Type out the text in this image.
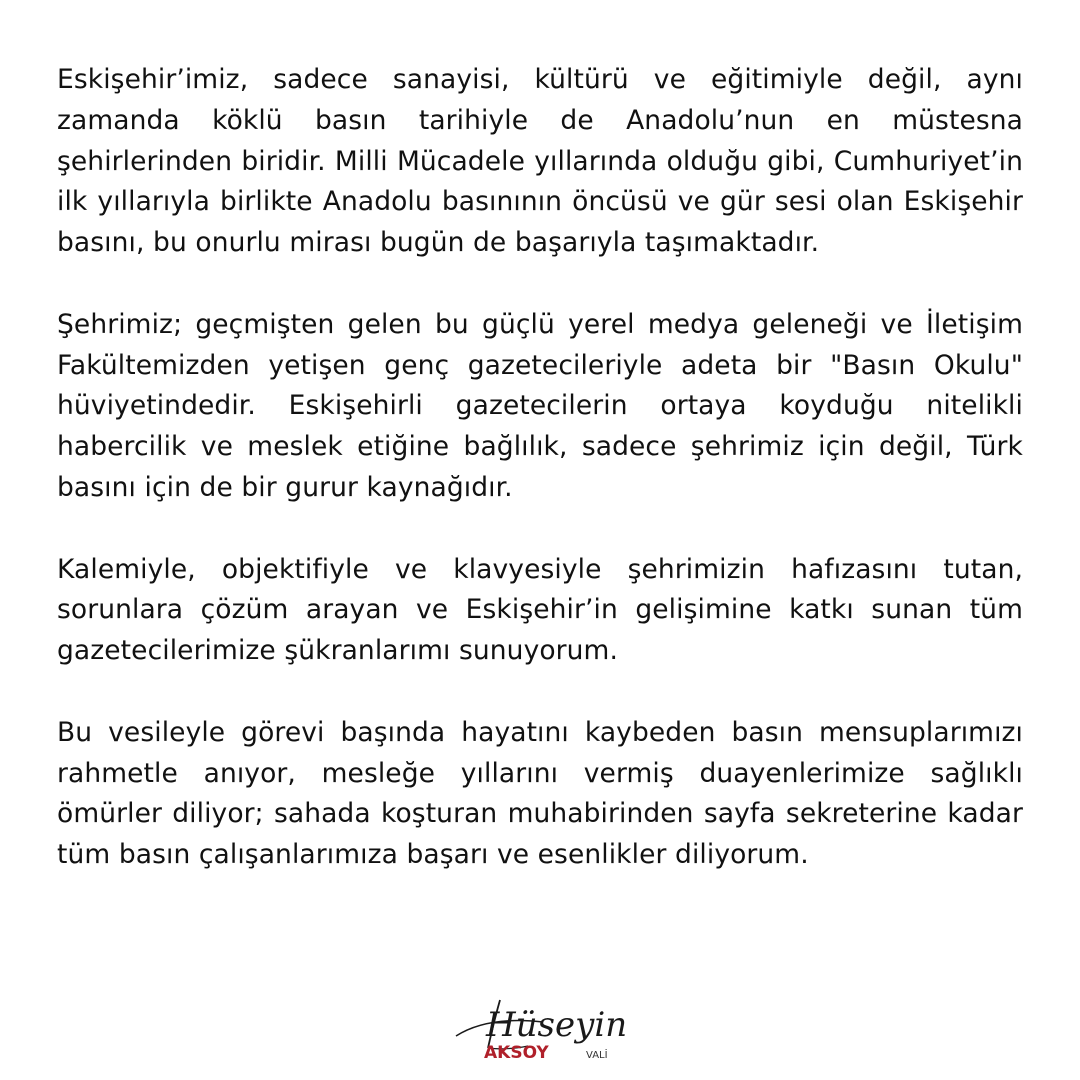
Eskişehir’imiz, sadece sanayisi, kültürü ve eğitimiyle değil, aynı zamanda köklü basın tarihiyle de Anadolu’nun en müstesna şehirlerinden biridir. Milli Mücadele yıllarında olduğu gibi, Cumhuriyet’in ilk yıllarıyla birlikte Anadolu basınının öncüsü ve gür sesi olan Eskişehir basını, bu onurlu mirası bugün de başarıyla taşımaktadır.

Şehrimiz; geçmişten gelen bu güçlü yerel medya geleneği ve İletişim Fakültemizden yetişen genç gazetecileriyle adeta bir "Basın Okulu" hüviyetindedir. Eskişehirli gazetecilerin ortaya koyduğu nitelikli habercilik ve meslek etiğine bağlılık, sadece şehrimiz için değil, Türk basını için de bir gurur kaynağıdır.

Kalemiyle, objektifiyle ve klavyesiyle şehrimizin hafızasını tutan, sorunlara çözüm arayan ve Eskişehir’in gelişimine katkı sunan tüm gazetecilerimize şükranlarımı sunuyorum.

Bu vesileyle görevi başında hayatını kaybeden basın mensuplarımızı rahmetle anıyor, mesleğe yıllarını vermiş duayenlerimize sağlıklı ömürler diliyor; sahada koşturan muhabirinden sayfa sekreterine kadar tüm basın çalışanlarımıza başarı ve esenlikler diliyorum.

Hüseyin
AKSOY	VALİ
